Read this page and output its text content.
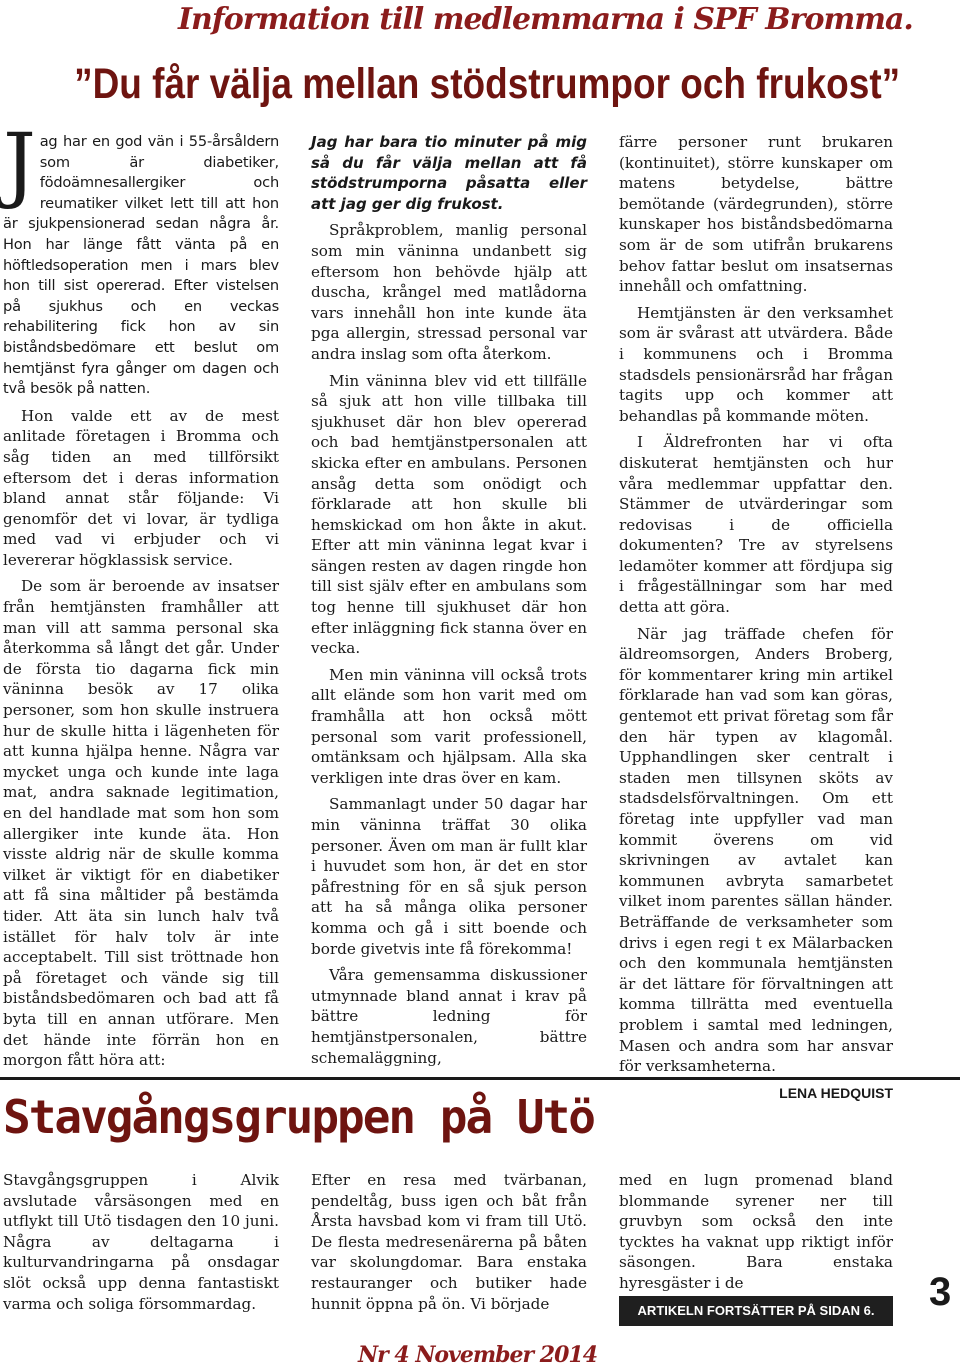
Information till medlemmarna i SPF Bromma.
”Du får välja mellan stödstrumpor och frukost”

Jag har en god vän i 55-årsåldern som är diabetiker, födoämnesallergiker och reumatiker vilket lett till att hon är sjukpensionerad sedan några år. Hon har länge fått vänta på en höftledsoperation men i mars blev hon till sist opererad. Efter vistelsen på sjukhus och en veckas rehabilitering fick hon av sin biståndsbedömare ett beslut om hemtjänst fyra gånger om dagen och två besök på natten.

Hon valde ett av de mest anlitade företagen i Bromma och såg tiden an med tillförsikt eftersom det i deras information bland annat står följande: Vi genomför det vi lovar, är tydliga med vad vi erbjuder och vi levererar högklassisk service.

De som är beroende av insatser från hemtjänsten framhåller att man vill att samma personal ska återkomma så långt det går. Under de första tio dagarna fick min väninna besök av 17 olika personer, som hon skulle instruera hur de skulle hitta i lägenheten för att kunna hjälpa henne. Några var mycket unga och kunde inte laga mat, andra saknade legitimation, en del handlade mat som hon som allergiker inte kunde äta. Hon visste aldrig när de skulle komma vilket är viktigt för en diabetiker att få sina måltider på bestämda tider. Att äta sin lunch halv två istället för halv tolv är inte acceptabelt. Till sist tröttnade hon på företaget och vände sig till biståndsbedömaren och bad att få byta till en annan utförare. Men det hände inte förrän hon en morgon fått höra att:

Jag har bara tio minuter på mig så du får välja mellan att få stödstrumporna påsatta eller att jag ger dig frukost.

Språkproblem, manlig personal som min väninna undanbett sig eftersom hon behövde hjälp att duscha, krångel med matlådorna vars innehåll hon inte kunde äta pga allergin, stressad personal var andra inslag som ofta återkom.

Min väninna blev vid ett tillfälle så sjuk att hon ville tillbaka till sjukhuset där hon blev opererad och bad hemtjänstpersonalen att skicka efter en ambulans. Personen ansåg detta som onödigt och förklarade att hon skulle bli hemskickad om hon åkte in akut. Efter att min väninna legat kvar i sängen resten av dagen ringde hon till sist själv efter en ambulans som tog henne till sjukhuset där hon efter inläggning fick stanna över en vecka.

Men min väninna vill också trots allt elände som hon varit med om framhålla att hon också mött personal som varit professionell, omtänksam och hjälpsam. Alla ska verkligen inte dras över en kam.

Sammanlagt under 50 dagar har min väninna träffat 30 olika personer. Även om man är fullt klar i huvudet som hon, är det en stor påfrestning för en så sjuk person att ha så många olika personer komma och gå i sitt boende och borde givetvis inte få förekomma!

Våra gemensamma diskussioner utmynnade bland annat i krav på bättre ledning för hemtjänstpersonalen, bättre schemaläggning,

färre personer runt brukaren (kontinuitet), större kunskaper om matens betydelse, bättre bemötande (värdegrunden), större kunskaper hos biståndsbedömarna som är de som utifrån brukarens behov fattar beslut om insatsernas innehåll och omfattning.

Hemtjänsten är den verksamhet som är svårast att utvärdera. Både i kommunens och i Bromma stadsdels pensionärsråd har frågan tagits upp och kommer att behandlas på kommande möten.

I Äldrefronten har vi ofta diskuterat hemtjänsten och hur våra medlemmar uppfattar den. Stämmer de utvärderingar som redovisas i de officiella dokumenten? Tre av styrelsens ledamöter kommer att fördjupa sig i frågeställningar som har med detta att göra.

När jag träffade chefen för äldreomsorgen, Anders Broberg, för kommentarer kring min artikel förklarade han vad som kan göras, gentemot ett privat företag som får den här typen av klagomål. Upphandlingen sker centralt i staden men tillsynen sköts av stadsdelsförvaltningen. Om ett företag inte uppfyller vad man kommit överens om vid skrivningen av avtalet kan kommunen avbryta samarbetet vilket inom parentes sällan händer. Beträffande de verksamheter som drivs i egen regi t ex Mälarbacken och den kommunala hemtjänsten är det lättare för förvaltningen att komma tillrätta med eventuella problem i samtal med ledningen, Masen och andra som har ansvar för verksamheterna.

LENA HEDQUIST
Stavgångsgruppen på Utö

Stavgångsgruppen i Alvik avslutade vårsäsongen med en utflykt till Utö tisdagen den 10 juni. Några av deltagarna i kulturvandringarna på onsdagar slöt också upp denna fantastiskt varma och soliga försommardag.

Efter en resa med tvärbanan, pendeltåg, buss igen och båt från Årsta havsbad kom vi fram till Utö. De flesta medresenärerna på båten var skolungdomar. Bara enstaka restauranger och butiker hade hunnit öppna på ön. Vi började

med en lugn promenad bland blommande syrener ner till gruvbyn som också den inte tycktes ha vaknat upp riktigt inför säsongen. Bara enstaka hyresgäster i de

ARTIKELN FORTSÄTTER PÅ SIDAN 6.	3
Nr 4 November 2014
